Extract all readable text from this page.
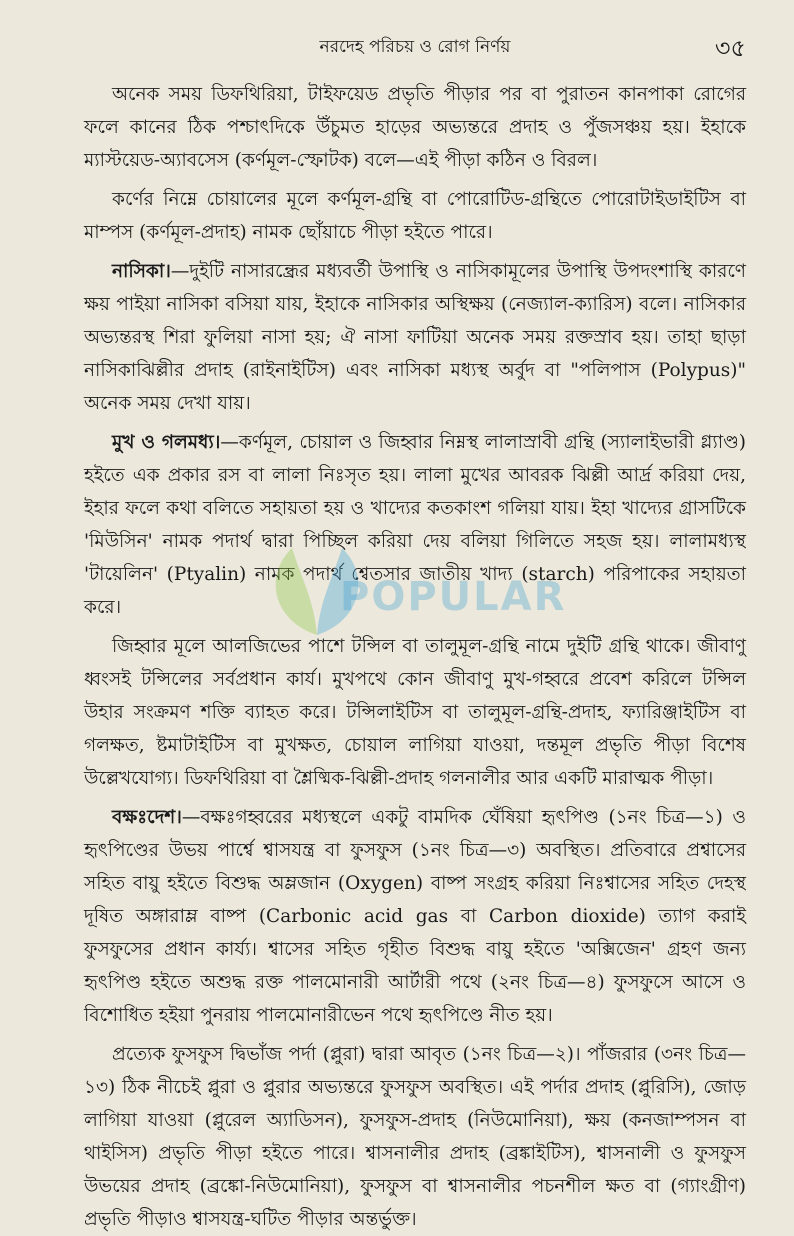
নরদেহ পরিচয় ও রোগ নির্ণয়	৩৫

অনেক সময় ডিফথিরিয়া, টাইফয়েড প্রভৃতি পীড়ার পর বা পুরাতন কানপাকা রোগের ফলে কানের ঠিক পশ্চাৎদিকে উঁচুমত হাড়ের অভ্যন্তরে প্রদাহ ও পুঁজসঞ্চয় হয়। ইহাকে ম্যাস্টয়েড-অ্যাবসেস (কর্ণমূল-স্ফোটক) বলে—এই পীড়া কঠিন ও বিরল।

কর্ণের নিম্নে চোয়ালের মূলে কর্ণমূল-গ্রন্থি বা পোরোটিড-গ্রন্থিতে পোরোটাইডাইটিস বা মাম্পস (কর্ণমূল-প্রদাহ) নামক ছোঁয়াচে পীড়া হইতে পারে।

নাসিকা।—দুইটি নাসারন্ধ্রের মধ্যবর্তী উপাস্থি ও নাসিকামূলের উপাস্থি উপদংশাস্থি কারণে ক্ষয় পাইয়া নাসিকা বসিয়া যায়, ইহাকে নাসিকার অস্থিক্ষয় (নেজ্যাল-ক্যারিস) বলে। নাসিকার অভ্যন্তরস্থ শিরা ফুলিয়া নাসা হয়; ঐ নাসা ফাটিয়া অনেক সময় রক্তস্রাব হয়। তাহা ছাড়া নাসিকাঝিল্লীর প্রদাহ (রাইনাইটিস) এবং নাসিকা মধ্যস্থ অর্বুদ বা "পলিপাস (Polypus)" অনেক সময় দেখা যায়।

মুখ ও গলমধ্য।—কর্ণমূল, চোয়াল ও জিহ্বার নিম্নস্থ লালাস্রাবী গ্রন্থি (স্যালাইভারী গ্ল্যাণ্ড) হইতে এক প্রকার রস বা লালা নিঃসৃত হয়। লালা মুখের আবরক ঝিল্লী আর্দ্র করিয়া দেয়, ইহার ফলে কথা বলিতে সহায়তা হয় ও খাদ্যের কতকাংশ গলিয়া যায়। ইহা খাদ্যের গ্রাসটিকে 'মিউসিন' নামক পদার্থ দ্বারা পিচ্ছিল করিয়া দেয় বলিয়া গিলিতে সহজ হয়। লালামধ্যস্থ 'টায়েলিন' (Ptyalin) নামক পদার্থ শ্বেতসার জাতীয় খাদ্য (starch) পরিপাকের সহায়তা করে।

জিহ্বার মূলে আলজিভের পাশে টন্সিল বা তালুমূল-গ্রন্থি নামে দুইটি গ্রন্থি থাকে। জীবাণু ধ্বংসই টন্সিলের সর্বপ্রধান কার্য। মুখপথে কোন জীবাণু মুখ-গহ্বরে প্রবেশ করিলে টন্সিল উহার সংক্রমণ শক্তি ব্যাহত করে। টন্সিলাইটিস বা তালুমূল-গ্রন্থি-প্রদাহ, ফ্যারিঞ্জাইটিস বা গলক্ষত, ষ্টমাটাইটিস বা মুখক্ষত, চোয়াল লাগিয়া যাওয়া, দন্তমূল প্রভৃতি পীড়া বিশেষ উল্লেখযোগ্য। ডিফথিরিয়া বা শ্লৈষ্মিক-ঝিল্লী-প্রদাহ গলনালীর আর একটি মারাত্মক পীড়া।

বক্ষঃদেশ।—বক্ষঃগহ্বরের মধ্যস্থলে একটু বামদিক ঘেঁষিয়া হৃৎপিণ্ড (১নং চিত্র—১) ও হৃৎপিণ্ডের উভয় পার্শ্বে শ্বাসযন্ত্র বা ফুসফুস (১নং চিত্র—৩) অবস্থিত। প্রতিবারে প্রশ্বাসের সহিত বায়ু হইতে বিশুদ্ধ অম্লজান (Oxygen) বাষ্প সংগ্রহ করিয়া নিঃশ্বাসের সহিত দেহস্থ দূষিত অঙ্গারাম্ল বাষ্প (Carbonic acid gas বা Carbon dioxide) ত্যাগ করাই ফুসফুসের প্রধান কার্য্য। শ্বাসের সহিত গৃহীত বিশুদ্ধ বায়ু হইতে 'অক্সিজেন' গ্রহণ জন্য হৃৎপিণ্ড হইতে অশুদ্ধ রক্ত পালমোনারী আর্টারী পথে (২নং চিত্র—৪) ফুসফুসে আসে ও বিশোধিত হইয়া পুনরায় পালমোনারীভেন পথে হৃৎপিণ্ডে নীত হয়।

প্রত্যেক ফুসফুস দ্বিভাঁজ পর্দা (প্লুরা) দ্বারা আবৃত (১নং চিত্র—২)। পাঁজরার (৩নং চিত্র—১৩) ঠিক নীচেই প্লুরা ও প্লুরার অভ্যন্তরে ফুসফুস অবস্থিত। এই পর্দার প্রদাহ (প্লুরিসি), জোড় লাগিয়া যাওয়া (প্লুরেল অ্যাডিসন), ফুসফুস-প্রদাহ (নিউমোনিয়া), ক্ষয় (কনজাম্পসন বা থাইসিস) প্রভৃতি পীড়া হইতে পারে। শ্বাসনালীর প্রদাহ (ব্রঙ্কাইটিস), শ্বাসনালী ও ফুসফুস উভয়ের প্রদাহ (ব্রঙ্কো-নিউমোনিয়া), ফুসফুস বা শ্বাসনালীর পচনশীল ক্ষত বা (গ্যাংগ্রীণ) প্রভৃতি পীড়াও শ্বাসযন্ত্র-ঘটিত পীড়ার অন্তর্ভুক্ত।

POPULAR
